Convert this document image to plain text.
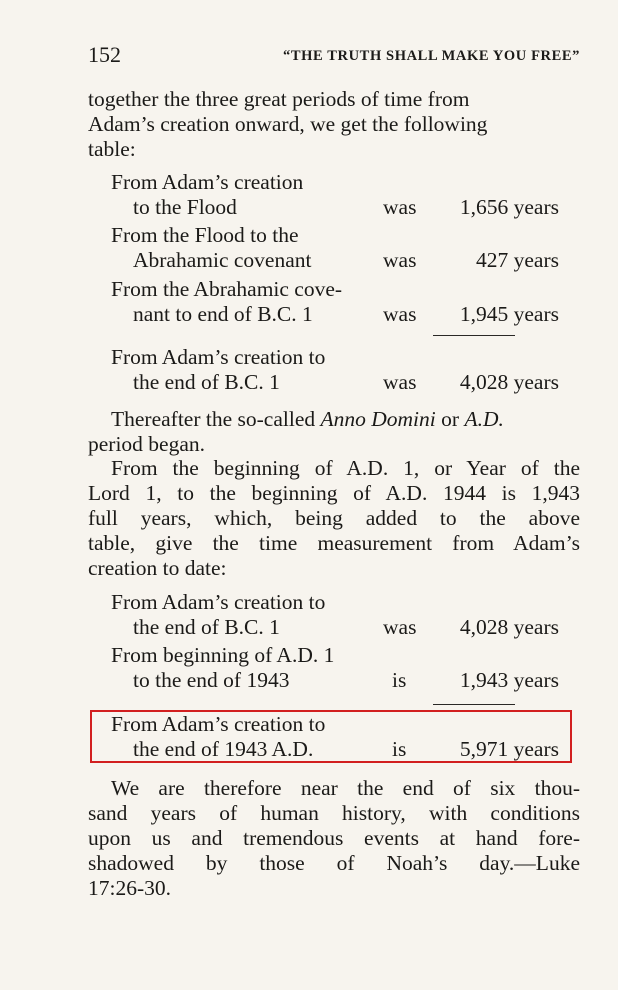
152	“THE TRUTH SHALL MAKE YOU FREE”
together the three great periods of time from
Adam’s creation onward, we get the following
table:
From Adam’s creation
to the Flood	was 1,656 years
From the Flood to the
Abrahamic covenant	was	427 years
From the Abrahamic cove-
nant to end of B.C. 1	was 1,945 years
From Adam’s creation to
the end of B.C. 1	was 4,028 years
Thereafter the so-called Anno Domini or A.D.
period began.
From the beginning of A.D. 1, or Year of the
Lord 1, to the beginning of A.D. 1944 is 1,943
full years, which, being added to the above
table, give the time measurement from Adam’s
creation to date:
From Adam’s creation to
the end of B.C. 1	was 4,028 years
From beginning of A.D. 1
to the end of 1943	is 1,943 years
From Adam’s creation to
the end of 1943 A.D.	is 5,971 years
We are therefore near the end of six thou-
sand years of human history, with conditions
upon us and tremendous events at hand fore-
shadowed by those of Noah’s day.—Luke
17:26-30.
